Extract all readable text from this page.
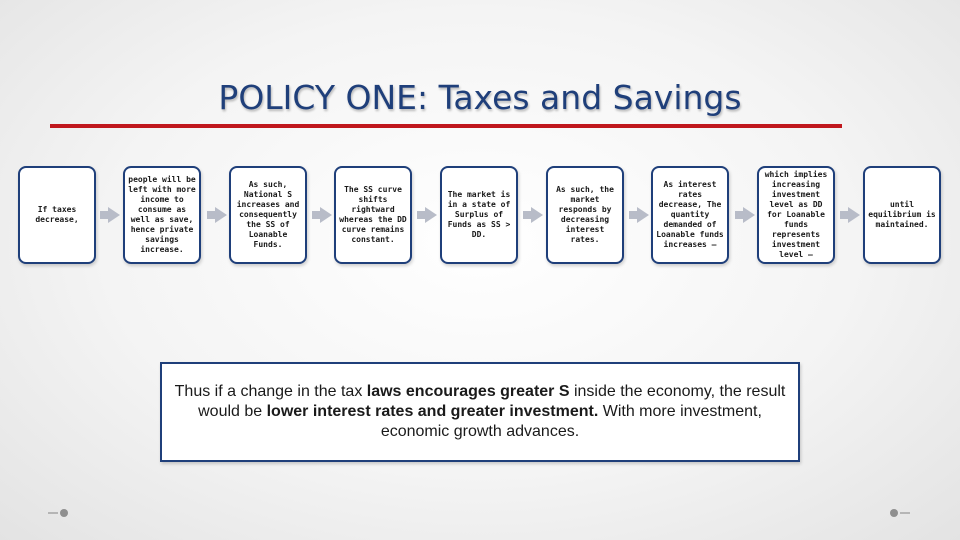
POLICY ONE: Taxes and Savings
If taxes decrease,
people will be left with more income to consume as well as save, hence private savings increase.
As such, National S increases and consequently the SS of Loanable Funds.
The SS curve shifts rightward whereas the DD curve remains constant.
The market is in a state of Surplus of Funds as SS > DD.
As such, the market responds by decreasing interest rates.
As interest rates decrease, The quantity demanded of Loanable funds increases –
which implies increasing investment level as DD for Loanable funds represents investment level –
until equilibrium is maintained.

Thus if a change in the tax laws encourages greater S inside the economy, the result would be lower interest rates and greater investment. With more investment, economic growth advances.
